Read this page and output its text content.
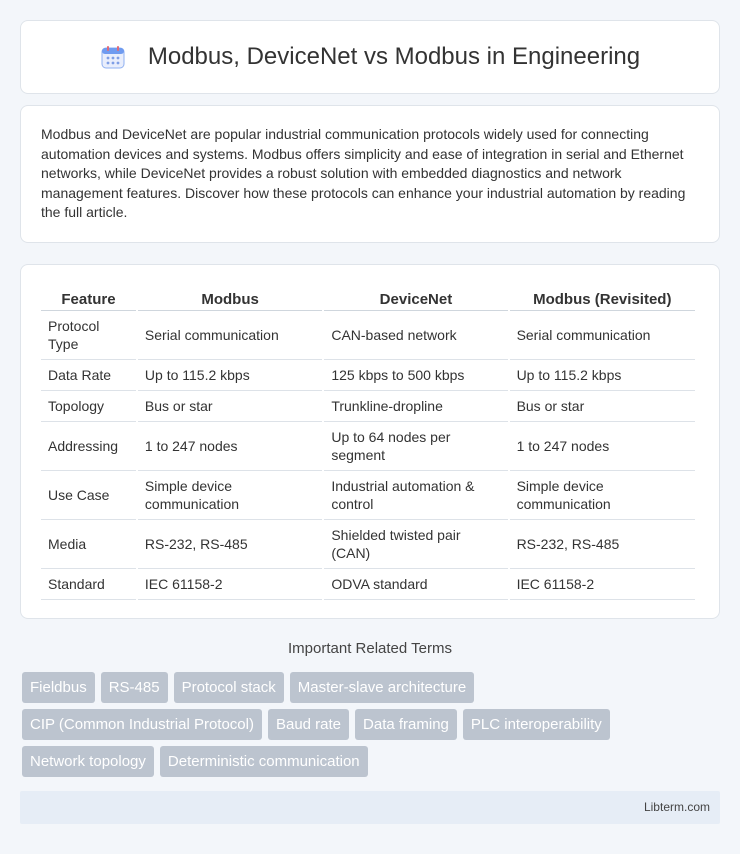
Modbus, DeviceNet vs Modbus in Engineering

Modbus and DeviceNet are popular industrial communication protocols widely used for connecting automation devices and systems. Modbus offers simplicity and ease of integration in serial and Ethernet networks, while DeviceNet provides a robust solution with embedded diagnostics and network management features. Discover how these protocols can enhance your industrial automation by reading the full article.

Feature	Modbus	DeviceNet	Modbus (Revisited)
Protocol Type	Serial communication	CAN-based network	Serial communication
Data Rate	Up to 115.2 kbps	125 kbps to 500 kbps	Up to 115.2 kbps
Topology	Bus or star	Trunkline-dropline	Bus or star
Addressing	1 to 247 nodes	Up to 64 nodes per segment	1 to 247 nodes
Use Case	Simple device communication	Industrial automation & control	Simple device communication
Media	RS-232, RS-485	Shielded twisted pair (CAN)	RS-232, RS-485
Standard	IEC 61158-2	ODVA standard	IEC 61158-2
Important Related Terms
Fieldbus	RS-485	Protocol stack	Master-slave architecture
CIP (Common Industrial Protocol)	Baud rate	Data framing	PLC interoperability
Network topology	Deterministic communication
Libterm.com
